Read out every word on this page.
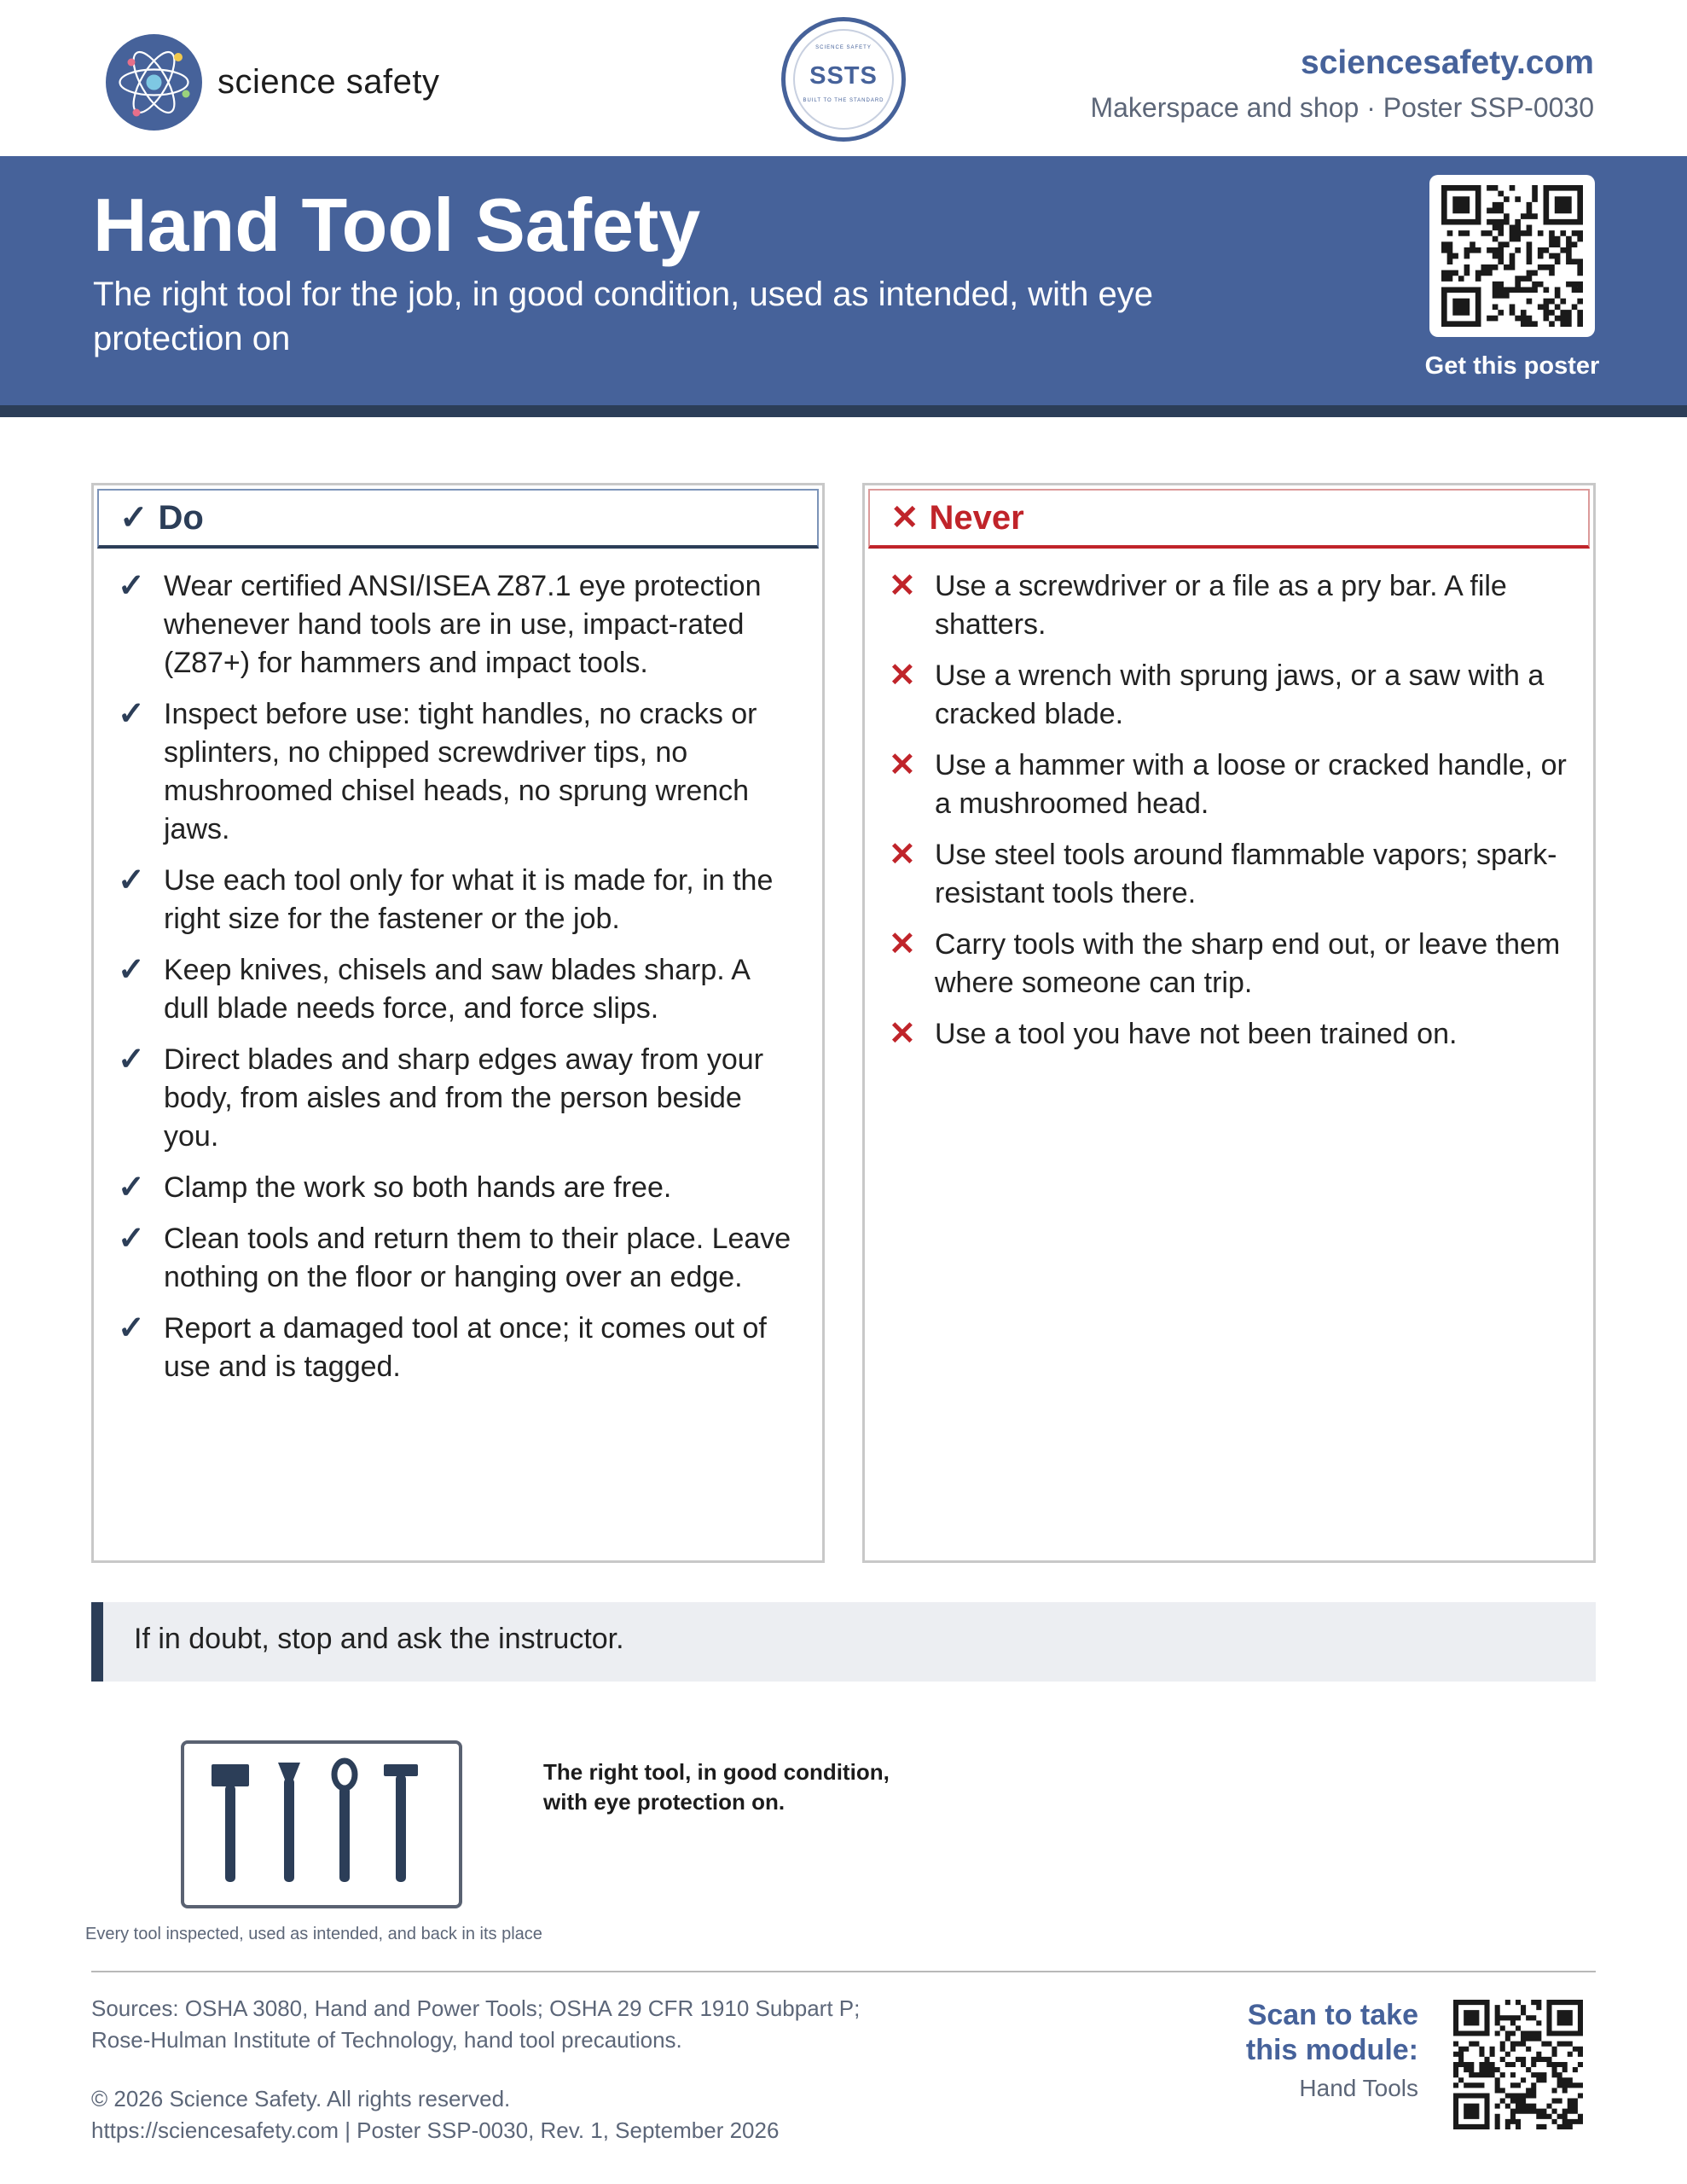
science safety
SCIENCE SAFETY
SSTS
BUILT TO THE STANDARD
sciencesafety.com
Makerspace and shop · Poster SSP-0030
Hand Tool Safety
The right tool for the job, in good condition, used as intended, with eye protection on
Get this poster
✓ Do
✓ Wear certified ANSI/ISEA Z87.1 eye protection whenever hand tools are in use, impact-rated (Z87+) for hammers and impact tools.
✓ Inspect before use: tight handles, no cracks or splinters, no chipped screwdriver tips, no mushroomed chisel heads, no sprung wrench jaws.
✓ Use each tool only for what it is made for, in the right size for the fastener or the job.
✓ Keep knives, chisels and saw blades sharp. A dull blade needs force, and force slips.
✓ Direct blades and sharp edges away from your body, from aisles and from the person beside you.
✓ Clamp the work so both hands are free.
✓ Clean tools and return them to their place. Leave nothing on the floor or hanging over an edge.
✓ Report a damaged tool at once; it comes out of use and is tagged.
✕ Never
✕ Use a screwdriver or a file as a pry bar. A file shatters.
✕ Use a wrench with sprung jaws, or a saw with a cracked blade.
✕ Use a hammer with a loose or cracked handle, or a mushroomed head.
✕ Use steel tools around flammable vapors; spark-resistant tools there.
✕ Carry tools with the sharp end out, or leave them where someone can trip.
✕ Use a tool you have not been trained on.
If in doubt, stop and ask the instructor.
The right tool, in good condition,
with eye protection on.
Every tool inspected, used as intended, and back in its place
Sources: OSHA 3080, Hand and Power Tools; OSHA 29 CFR 1910 Subpart P;
Rose-Hulman Institute of Technology, hand tool precautions.
© 2026 Science Safety. All rights reserved.
https://sciencesafety.com | Poster SSP-0030, Rev. 1, September 2026
Scan to take
this module:
Hand Tools
